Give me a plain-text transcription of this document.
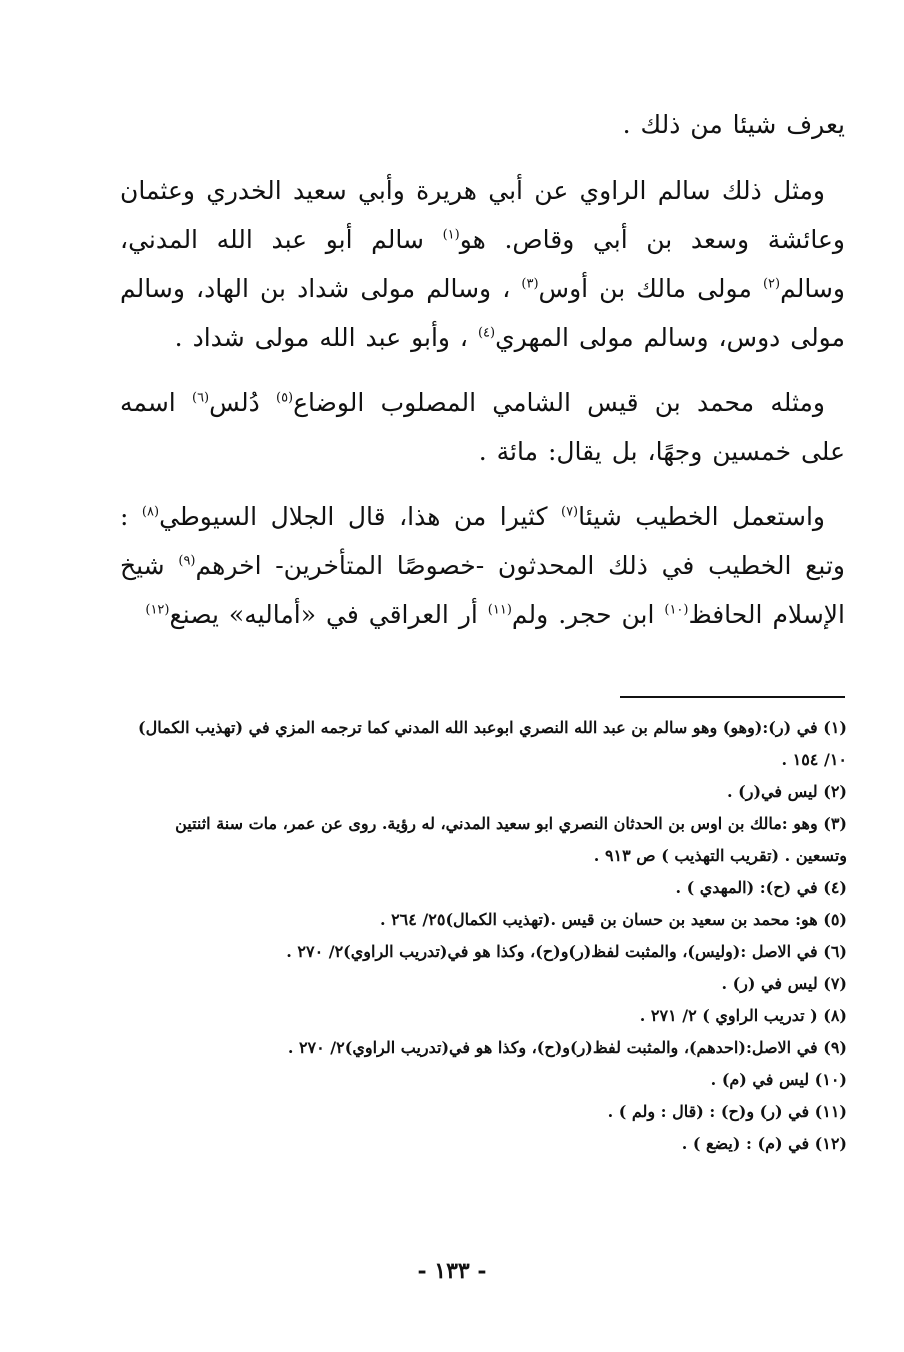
يعرف شيئا من ذلك .

ومثل ذلك سالم الراوي عن أبي هريرة وأبي سعيد الخدري وعثمان وعائشة وسعد بن أبي وقاص. هو$^{(١)}$ سالم أبو عبد الله المدني، وسالم$^{(٢)}$ مولى مالك بن أوس$^{(٣)}$ ، وسالم مولى شداد بن الهاد، وسالم مولى دوس، وسالم مولى المهري$^{(٤)}$ ، وأبو عبد الله مولى شداد .

ومثله محمد بن قيس الشامي المصلوب الوضاع$^{(٥)}$ دُلس$^{(٦)}$ اسمه على خمسين وجهًا، بل يقال: مائة .

واستعمل الخطيب شيئا$^{(٧)}$ كثيرا من هذا، قال الجلال السيوطي$^{(٨)}$ : وتبع الخطيب في ذلك المحدثون -خصوصًا المتأخرين- اخرهم$^{(٩)}$ شيخ الإسلام الحافظ$^{(١٠)}$ ابن حجر. ولم$^{(١١)}$ أر العراقي في «أماليه» يصنع$^{(١٢)}$

(١) في (ر):(وهو) وهو سالم بن عبد الله النصري ابوعبد الله المدني كما ترجمه المزي في (تهذيب الكمال) ١٠/ ١٥٤ .
(٢) ليس في(ر) .
(٣) وهو :مالك بن اوس بن الحدثان النصري ابو سعيد المدني، له رؤية. روى عن عمر، مات سنة اثنتين وتسعين . (تقريب التهذيب ) ص ٩١٣ .
(٤) في (ح): (المهدي ) .
(٥) هو: محمد بن سعيد بن حسان بن قيس .(تهذيب الكمال)٢٥/ ٢٦٤ .
(٦) في الاصل :(وليس)، والمثبت لفظ(ر)و(ح)، وكذا هو في(تدريب الراوي)٢/ ٢٧٠ .
(٧) ليس في (ر) .
(٨) ( تدريب الراوي ) ٢/ ٢٧١ .
(٩) في الاصل:(احدهم)، والمثبت لفظ(ر)و(ح)، وكذا هو في(تدريب الراوي)٢/ ٢٧٠ .
(١٠) ليس في (م) .
(١١) في (ر) و(ح) : (قال : ولم ) .
(١٢) في (م) : (يضع ) .
- ١٣٣ -
